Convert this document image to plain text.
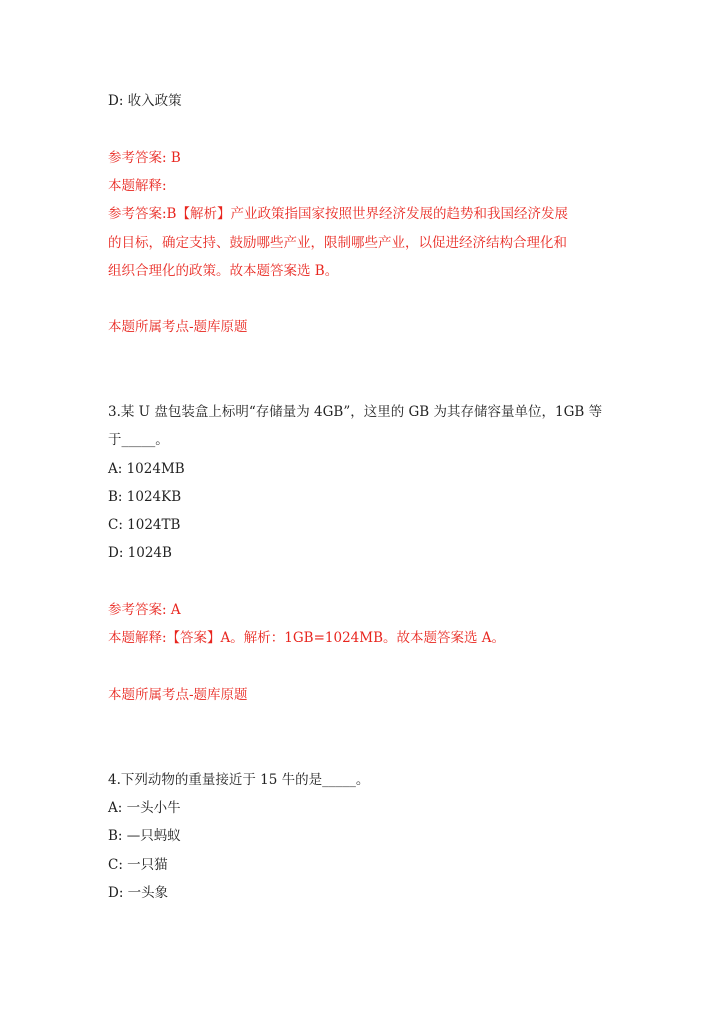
D: 收入政策
参考答案: B
本题解释:
参考答案:B【解析】产业政策指国家按照世界经济发展的趋势和我国经济发展
的目标，确定支持、鼓励哪些产业，限制哪些产业，以促进经济结构合理化和
组织合理化的政策。故本题答案选 B。
本题所属考点-题库原题
3.某 U 盘包装盒上标明“存储量为 4GB”，这里的 GB 为其存储容量单位，1GB 等
于_____。
A: 1024MB
B: 1024KB
C: 1024TB
D: 1024B
参考答案: A
本题解释:【答案】A。解析：1GB=1024MB。故本题答案选 A。
本题所属考点-题库原题
4.下列动物的重量接近于 15 牛的是_____。
A: 一头小牛
B: —只蚂蚁
C: 一只猫
D: 一头象
